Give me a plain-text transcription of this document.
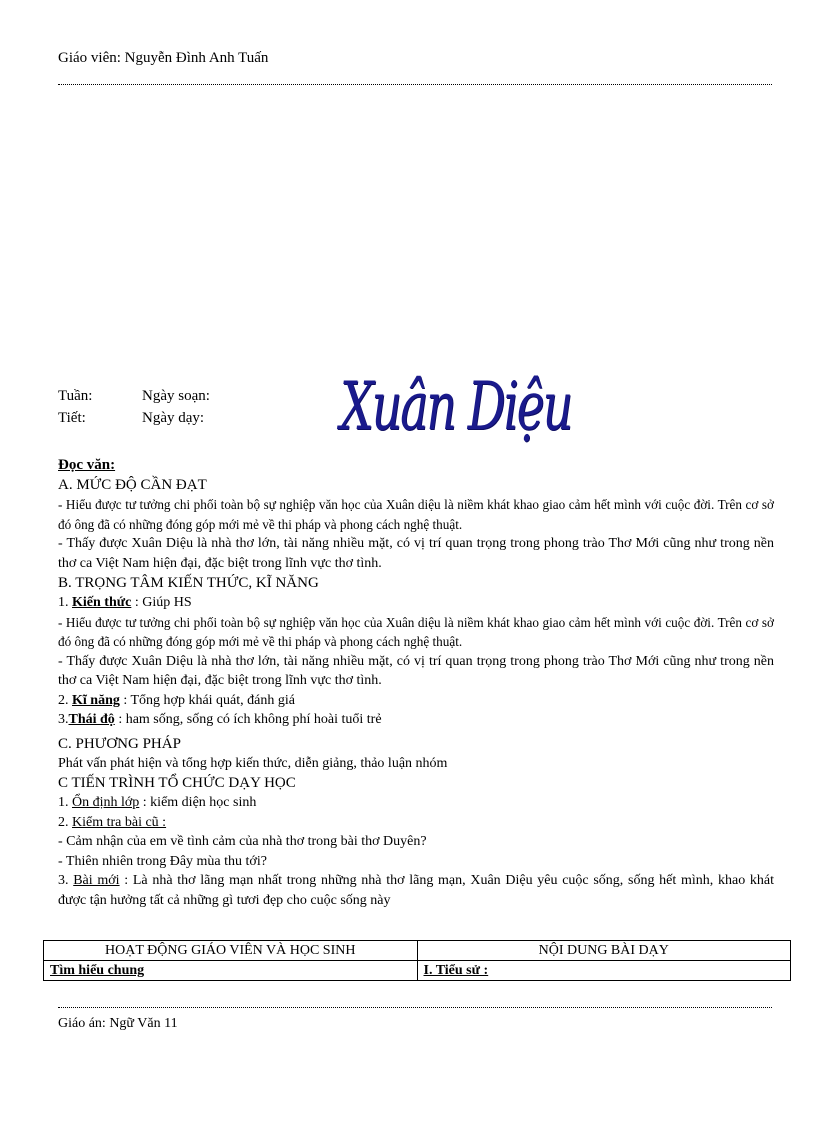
Giáo viên: Nguyễn Đình Anh Tuấn
Tuần:	Ngày soạn:
Tiết:	Ngày dạy: Xuân Diệu

Đọc văn:

A. MỨC ĐỘ CẦN ĐẠT

- Hiểu được tư tưởng chi phối toàn bộ sự nghiệp văn học của Xuân diệu là niềm khát khao giao cảm hết mình với cuộc đời. Trên cơ sở đó ông đã có những đóng góp mới mẻ về thi pháp và phong cách nghệ thuật.

- Thấy được Xuân Diệu là nhà thơ lớn, tài năng nhiều mặt, có vị trí quan trọng trong phong trào Thơ Mới cũng như trong nền thơ ca Việt Nam hiện đại, đặc biệt trong lĩnh vực thơ tình.

B. TRỌNG TÂM KIẾN THỨC, KĨ NĂNG

1. Kiến thức : Giúp HS

- Hiểu được tư tưởng chi phối toàn bộ sự nghiệp văn học của Xuân diệu là niềm khát khao giao cảm hết mình với cuộc đời. Trên cơ sở đó ông đã có những đóng góp mới mẻ về thi pháp và phong cách nghệ thuật.

- Thấy được Xuân Diệu là nhà thơ lớn, tài năng nhiều mặt, có vị trí quan trọng trong phong trào Thơ Mới cũng như trong nền thơ ca Việt Nam hiện đại, đặc biệt trong lĩnh vực thơ tình.

2. Kĩ năng : Tổng hợp khái quát, đánh giá

3.Thái độ : ham sống, sống có ích không phí hoài tuổi trẻ

C. PHƯƠNG PHÁP

Phát vấn phát hiện và tổng hợp kiến thức, diễn giảng, thảo luận nhóm

C TIẾN TRÌNH TỔ CHỨC DẠY HỌC

1. Ổn định lớp : kiểm diện học sinh

2. Kiểm tra bài cũ :

- Cảm nhận của em về tình cảm của nhà thơ trong bài thơ Duyên?

- Thiên nhiên trong Đây mùa thu tới?

3. Bài mới : Là nhà thơ lãng mạn nhất trong những nhà thơ lãng mạn, Xuân Diệu yêu cuộc sống, sống hết mình, khao khát được tận hưởng tất cả những gì tươi đẹp cho cuộc sống này

HOẠT ĐỘNG GIÁO VIÊN VÀ HỌC SINH	NỘI DUNG BÀI DẠY
Tìm hiểu chung	I. Tiểu sử :
Giáo án: Ngữ Văn 11
